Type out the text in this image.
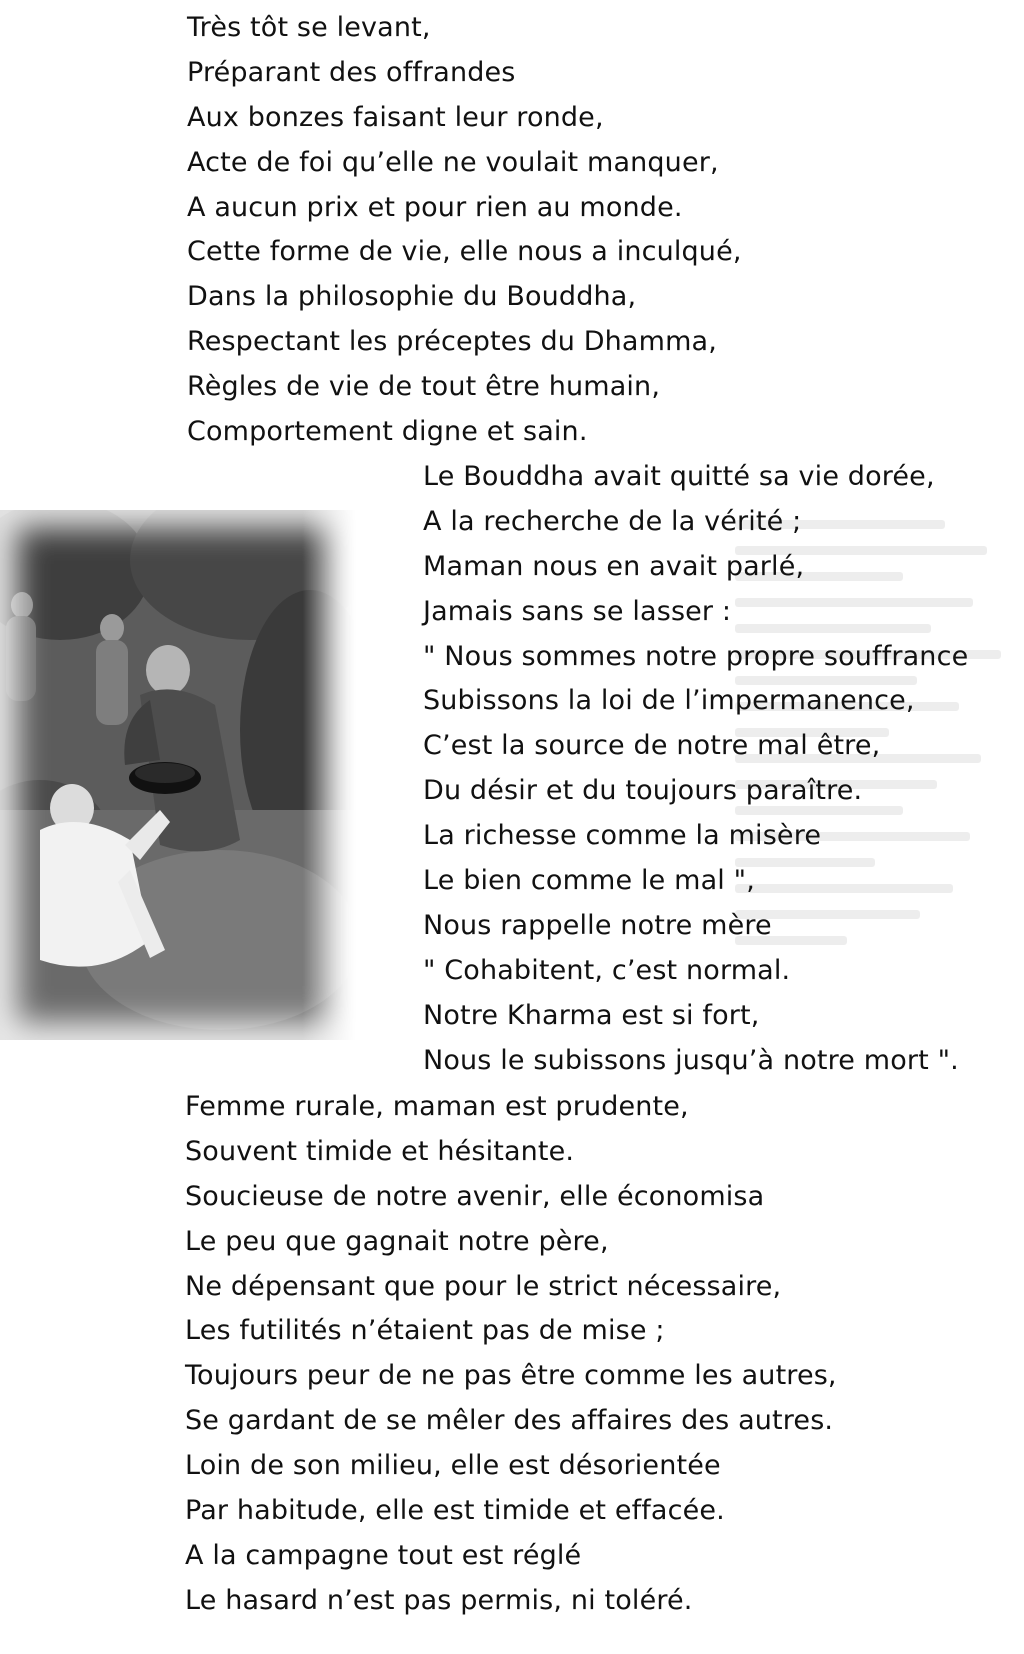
Très tôt se levant,
Préparant des offrandes
Aux bonzes faisant leur ronde,
Acte de foi qu’elle ne voulait manquer,
A aucun prix et pour rien au monde.
Cette forme de vie, elle nous a inculqué,
Dans la philosophie du Bouddha,
Respectant les préceptes du Dhamma,
Règles de vie de tout être humain,
Comportement digne et sain.
Le Bouddha avait quitté sa vie dorée,
A la recherche de la vérité ;
Maman nous en avait parlé,
Jamais sans se lasser :
" Nous sommes notre propre souffrance
Subissons la loi de l’impermanence,
C’est la source de notre mal être,
Du désir et du toujours paraître.
La richesse comme la misère
Le bien comme le mal ",
Nous rappelle notre mère
" Cohabitent, c’est normal.
Notre Kharma est si fort,
Nous le subissons jusqu’à notre mort ".
Femme rurale, maman est prudente,
Souvent timide et hésitante.
Soucieuse de notre avenir, elle économisa
Le peu que gagnait notre père,
Ne dépensant que pour le strict nécessaire,
Les futilités n’étaient pas de mise ;
Toujours peur de ne pas être comme les autres,
Se gardant de se mêler des affaires des autres.
Loin de son milieu, elle est désorientée
Par habitude, elle est timide et effacée.
A la campagne tout est réglé
Le hasard n’est pas permis, ni toléré.
